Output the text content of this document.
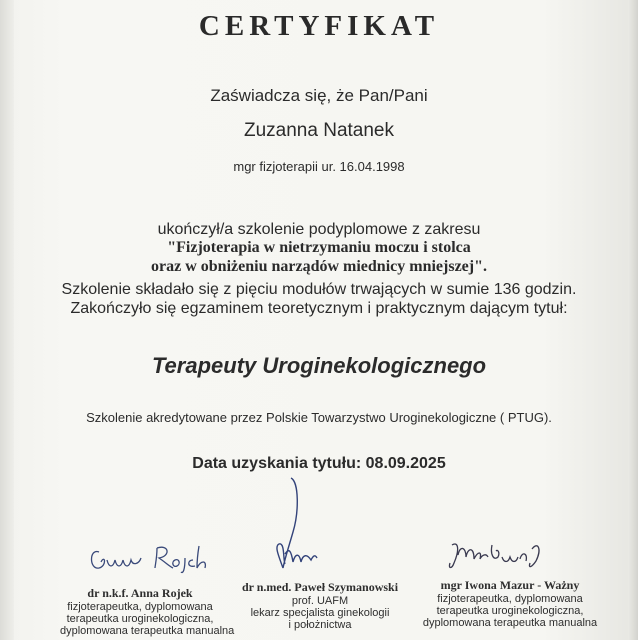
CERTYFIKAT
Zaświadcza się, że Pan/Pani
Zuzanna Natanek
mgr fizjoterapii ur. 16.04.1998
ukończył/a szkolenie podyplomowe z zakresu
"Fizjoterapia w nietrzymaniu moczu i stolca
oraz w obniżeniu narządów miednicy mniejszej".
Szkolenie składało się z pięciu modułów trwających w sumie 136 godzin.
Zakończyło się egzaminem teoretycznym i praktycznym dającym tytuł:
Terapeuty Uroginekologicznego
Szkolenie akredytowane przez Polskie Towarzystwo Uroginekologiczne ( PTUG).
Data uzyskania tytułu: 08.09.2025
dr n.k.f. Anna Rojek
fizjoterapeutka, dyplomowana
terapeutka uroginekologiczna,
dyplomowana terapeutka manualna
dr n.med. Paweł Szymanowski
prof. UAFM
lekarz specjalista ginekologii
i położnictwa
mgr Iwona Mazur - Ważny
fizjoterapeutka, dyplomowana
terapeutka uroginekologiczna,
dyplomowana terapeutka manualna
